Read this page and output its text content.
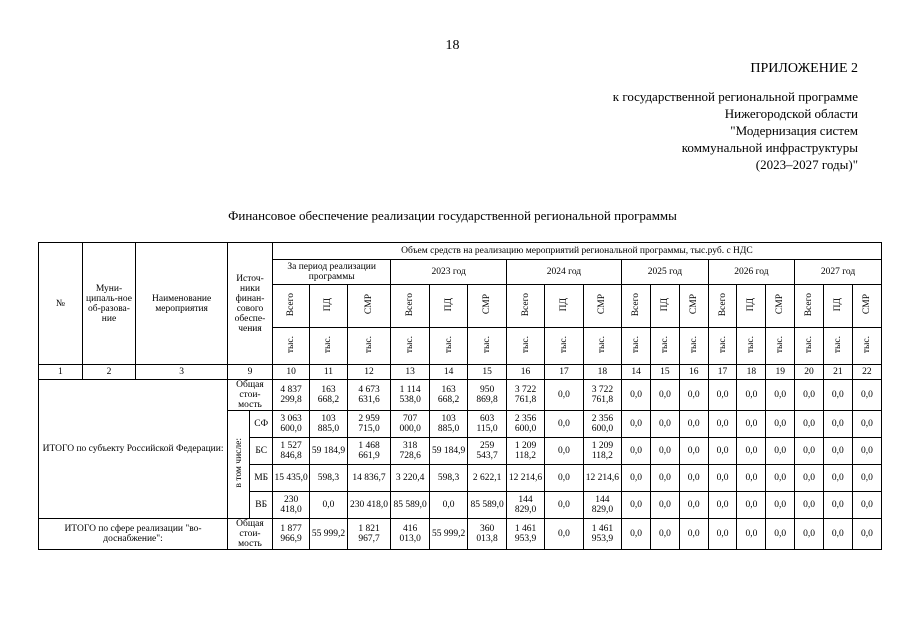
18
ПРИЛОЖЕНИЕ 2
к государственной региональной программе
Нижегородской области
"Модернизация систем
коммунальной инфраструктуры
(2023–2027 годы)"
Финансовое обеспечение реализации государственной региональной программы
№	Муни-ципаль-ное об-разова-ние	Наименование мероприятия	Источ-ники финан-сового обеспе-чения		Объем средств на реализацию мероприятий региональной программы, тыс.руб. с НДС																	
					За период реализации программы			2023 год			2024 год			2025 год			2026 год			2027 год		
					Всего	ПД	СМР	Всего	ПД	СМР	Всего	ПД	СМР	Всего	ПД	СМР	Всего	ПД	СМР	Всего	ПД	СМР
					тыс.	тыс.	тыс.	тыс.	тыс.	тыс.	тыс.	тыс.	тыс.	тыс.	тыс.	тыс.	тыс.	тыс.	тыс.	тыс.	тыс.	тыс.
1	2	3	9		10	11	12	13	14	15	16	17	18	14	15	16	17	18	19	20	21	22
ИТОГО по субъекту Российской Федерации:			Общая стои-мость		4 837 299,8	163 668,2	4 673 631,6	1 114 538,0	163 668,2	950 869,8	3 722 761,8	0,0	3 722 761,8	0,0	0,0	0,0	0,0	0,0	0,0	0,0	0,0	0,0
			в том числе:	СФ	3 063 600,0	103 885,0	2 959 715,0	707 000,0	103 885,0	603 115,0	2 356 600,0	0,0	2 356 600,0	0,0	0,0	0,0	0,0	0,0	0,0	0,0	0,0	0,0
				БС	1 527 846,8	59 184,9	1 468 661,9	318 728,6	59 184,9	259 543,7	1 209 118,2	0,0	1 209 118,2	0,0	0,0	0,0	0,0	0,0	0,0	0,0	0,0	0,0
				МБ	15 435,0	598,3	14 836,7	3 220,4	598,3	2 622,1	12 214,6	0,0	12 214,6	0,0	0,0	0,0	0,0	0,0	0,0	0,0	0,0	0,0
				ВБ	230 418,0	0,0	230 418,0	85 589,0	0,0	85 589,0	144 829,0	0,0	144 829,0	0,0	0,0	0,0	0,0	0,0	0,0	0,0	0,0	0,0
ИТОГО по сфере реализации "во-доснабжение":			Общая стои-мость		1 877 966,9	55 999,2	1 821 967,7	416 013,0	55 999,2	360 013,8	1 461 953,9	0,0	1 461 953,9	0,0	0,0	0,0	0,0	0,0	0,0	0,0	0,0	0,0
